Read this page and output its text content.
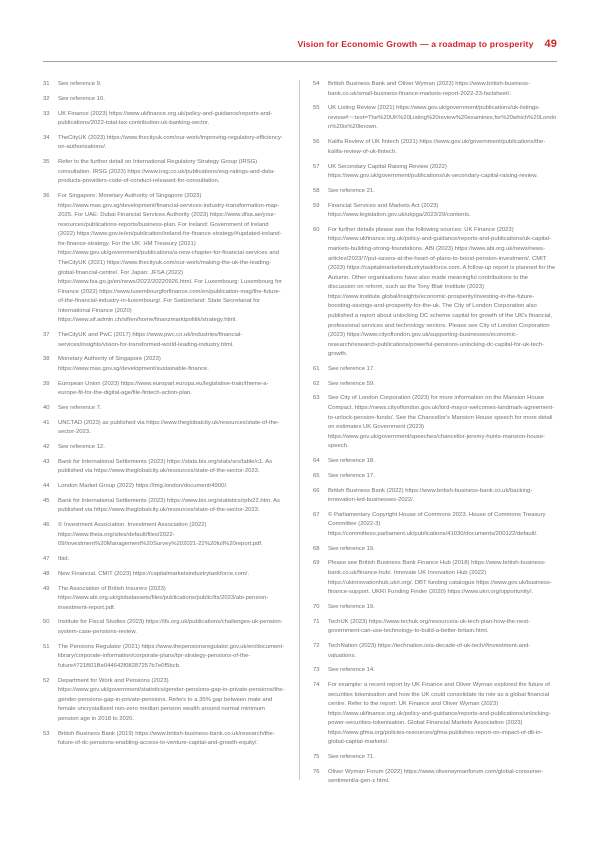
Vision for Economic Growth — a roadmap to prosperity 49
31	See reference 9.
32	See reference 10.
33	UK Finance (2023) https://www.ukfinance.org.uk/policy-and-guidance/reports-and-publications/2022-total-tax-contribution-uk-banking-sector.
34	TheCityUK (2023) https://www.thecityuk.com/our-work/improving-regulatory-efficiency-on-authorisations/.
35	Refer to the further detail on International Regulatory Strategy Group (IRSG) consultation. IRSG (2023) https://www.irsg.co.uk/publications/esg-ratings-and-data-products-providers-code-of-conduct-released-for-consultation.
36	For Singapore: Monetary Authority of Singapore (2023) https://www.mas.gov.sg/development/financial-services-industry-transformation-map-2025. For UAE: Dubai Financial Services Authority (2023) https://www.dfsa.ae/your-resources/publications-reports/business-plan. For Ireland: Government of Ireland (2022) https://www.gov.ie/en/publication/ireland-for-finance-strategy/#updated-ireland-for-finance-strategy. For the UK: HM Treasury (2021) https://www.gov.uk/government/publications/a-new-chapter-for-financial-services and TheCityUK (2021) https://www.thecityuk.com/our-work/making-the-uk-the-leading-global-financial-centre/. For Japan: JFSA (2022) https://www.fsa.go.jp/en/news/2022/20220926.html. For Luxembourg: Luxembourg for Finance (2022) https://www.luxembourgforfinance.com/en/publication-mag/the-future-of-the-financial-industry-in-luxembourg/. For Switzerland: State Secretariat for International Finance (2020) https://www.sif.admin.ch/sif/en/home/finanzmarktpolitik/strategy.html.
37	TheCityUK and PwC (2017) https://www.pwc.co.uk/industries/financial-services/insights/vision-for-transformed-world-leading-industry.html.
38	Monetary Authority of Singapore (2023) https://www.mas.gov.sg/development/sustainable-finance.
39	European Union (2023) https://www.europarl.europa.eu/legislative-train/theme-a-europe-fit-for-the-digital-age/file-fintech-action-plan.
40	See reference 7.
41	UNCTAD (2023) as published via https://www.theglobalcity.uk/resources/state-of-the-sector-2023.
42	See reference 12.
43	Bank for International Settlements (2023) https://stats.bis.org/statx/srs/table/c1. As published via https://www.theglobalcity.uk/resources/state-of-the-sector-2023.
44	London Market Group (2022) https://lmg.london/document/4900/.
45	Bank for International Settlements (2023) https://www.bis.org/statistics/rpfx22.htm. As published via https://www.theglobalcity.uk/resources/state-of-the-sector-2023.
46	© Investment Association. Investment Association (2022) https://www.theia.org/sites/default/files/2022-09/Investment%20Management%20Survey%202021-22%20full%20report.pdf.
47	Ibid.
48	New Financial. CMIT (2023) https://capitalmarketsindustrytaskforce.com/.
49	The Association of British Insurers (2023) https://www.abi.org.uk/globalassets/files/publications/public/lts/2023/abi-pension-investment-report.pdf.
50	Institute for Fiscal Studies (2023) https://ifs.org.uk/publications/challenges-uk-pension-system-case-pensions-review.
51	The Pensions Regulator (2021) https://www.thepensionsregulator.gov.uk/en/document-library/corporate-information/corporate-plans/tpr-strategy-pensions-of-the-future#721B01Be044642f08287257b7e0f5bcb.
52	Department for Work and Pensions (2023) https://www.gov.uk/government/statistics/gender-pensions-gap-in-private-pensions/the-gender-pensions-gap-in-private-pensions. Refers to a 35% gap between male and female uncrystallised non-zero median pension wealth around normal minimum pension age in 2018 to 2020.
53	British Business Bank (2019) https://www.british-business-bank.co.uk/research/the-future-of-dc-pensions-enabling-access-to-venture-capital-and-growth-equity/.
54	British Business Bank and Oliver Wyman (2023) https://www.british-business-bank.co.uk/small-business-finance-markets-report-2022-23-factsheet/.
55	UK Listing Review (2021) https://www.gov.uk/government/publications/uk-listings-review#:~:text=The%20UK%20Listing%20review%20examines,for%20which%20London%20is%20known.
56	Kalifa Review of UK fintech (2021) https://www.gov.uk/government/publications/the-kalifa-review-of-uk-fintech.
57	UK Secondary Capital Raising Review (2022) https://www.gov.uk/government/publications/uk-secondary-capital-raising-review.
58	See reference 21.
59	Financial Services and Markets Act (2023) https://www.legislation.gov.uk/ukpga/2023/29/contents.
60	For further details please see the following sources: UK Finance (2023) https://www.ukfinance.org.uk/policy-and-guidance/reports-and-publications/uk-capital-markets-building-strong-foundations. ABI (2023) https://www.abi.org.uk/news/news-articles/2023/7/put-savers-at-the-heart-of-plans-to-boost-pension-investment/. CMIT (2023) https://capitalmarketsindustrytaskforce.com. A follow-up report is planned for the Autumn. Other organisations have also made meaningful contributions to the discussion on reform, such as the Tony Blair Institute (2023) https://www.institute.global/insights/economic-prosperity/investing-in-the-future-boosting-savings-and-prosperity-for-the-uk. The City of London Corporation also published a report about unlocking DC scheme capital for growth of the UK's financial, professional services and technology sectors. Please see City of London Corporation (2023) https://www.cityoflondon.gov.uk/supporting-businesses/economic-research/research-publications/powerful-pensions-unlocking-dc-capital-for-uk-tech-growth.
61	See reference 17.
62	See reference 59.
63	See City of London Corporation (2023) for more information on the Mansion House Compact. https://news.cityoflondon.gov.uk/lord-mayor-welcomes-landmark-agreement-to-unlock-pension-funds/. See the Chancellor's Mansion House speech for more detail on estimates UK Government (2023) https://www.gov.uk/government/speeches/chancellor-jeremy-hunts-mansion-house-speech.
64	See reference 18.
65	See reference 17.
66	British Business Bank (2022) https://www.british-business-bank.co.uk/backing-innovation-led-businesses-2022/.
67	© Parliamentary Copyright House of Commons 2023. House of Commons Treasury Committee (2022-3) https://committees.parliament.uk/publications/41030/documents/200122/default/.
68	See reference 19.
69	Please see British Business Bank Finance Hub (2018) https://www.british-business-bank.co.uk/finance-hub/. Innovate UK Innovation Hub (2022) https://ukinnovationhub.ukri.org/. DBT funding catalogue https://www.gov.uk/business-finance-support. UKRI Funding Finder (2020) https://www.ukri.org/opportunity/.
70	See reference 19.
71	TechUK (2023) https://www.techuk.org/resource/a-uk-tech-plan-how-the-next-government-can-use-technology-to-build-a-better-britain.html.
72	TechNation (2023) https://technation.io/a-decade-of-uk-tech/#investment-and-valuations.
73	See reference 14.
74	For example: a recent report by UK Finance and Oliver Wyman explored the future of securities tokenisation and how the UK could consolidate its role as a global financial centre. Refer to the report: UK Finance and Oliver Wyman (2023) https://www.ukfinance.org.uk/policy-and-guidance/reports-and-publications/unlocking-power-securities-tokenisation. Global Financial Markets Association (2023) https://www.gfma.org/policies-resources/gfma-publishes-report-on-impact-of-dlt-in-global-capital-markets/.
75	See reference 71.
76	Oliver Wyman Forum (2022) https://www.oliverwymanforum.com/global-consumer-sentiment/a-gen-z.html.
